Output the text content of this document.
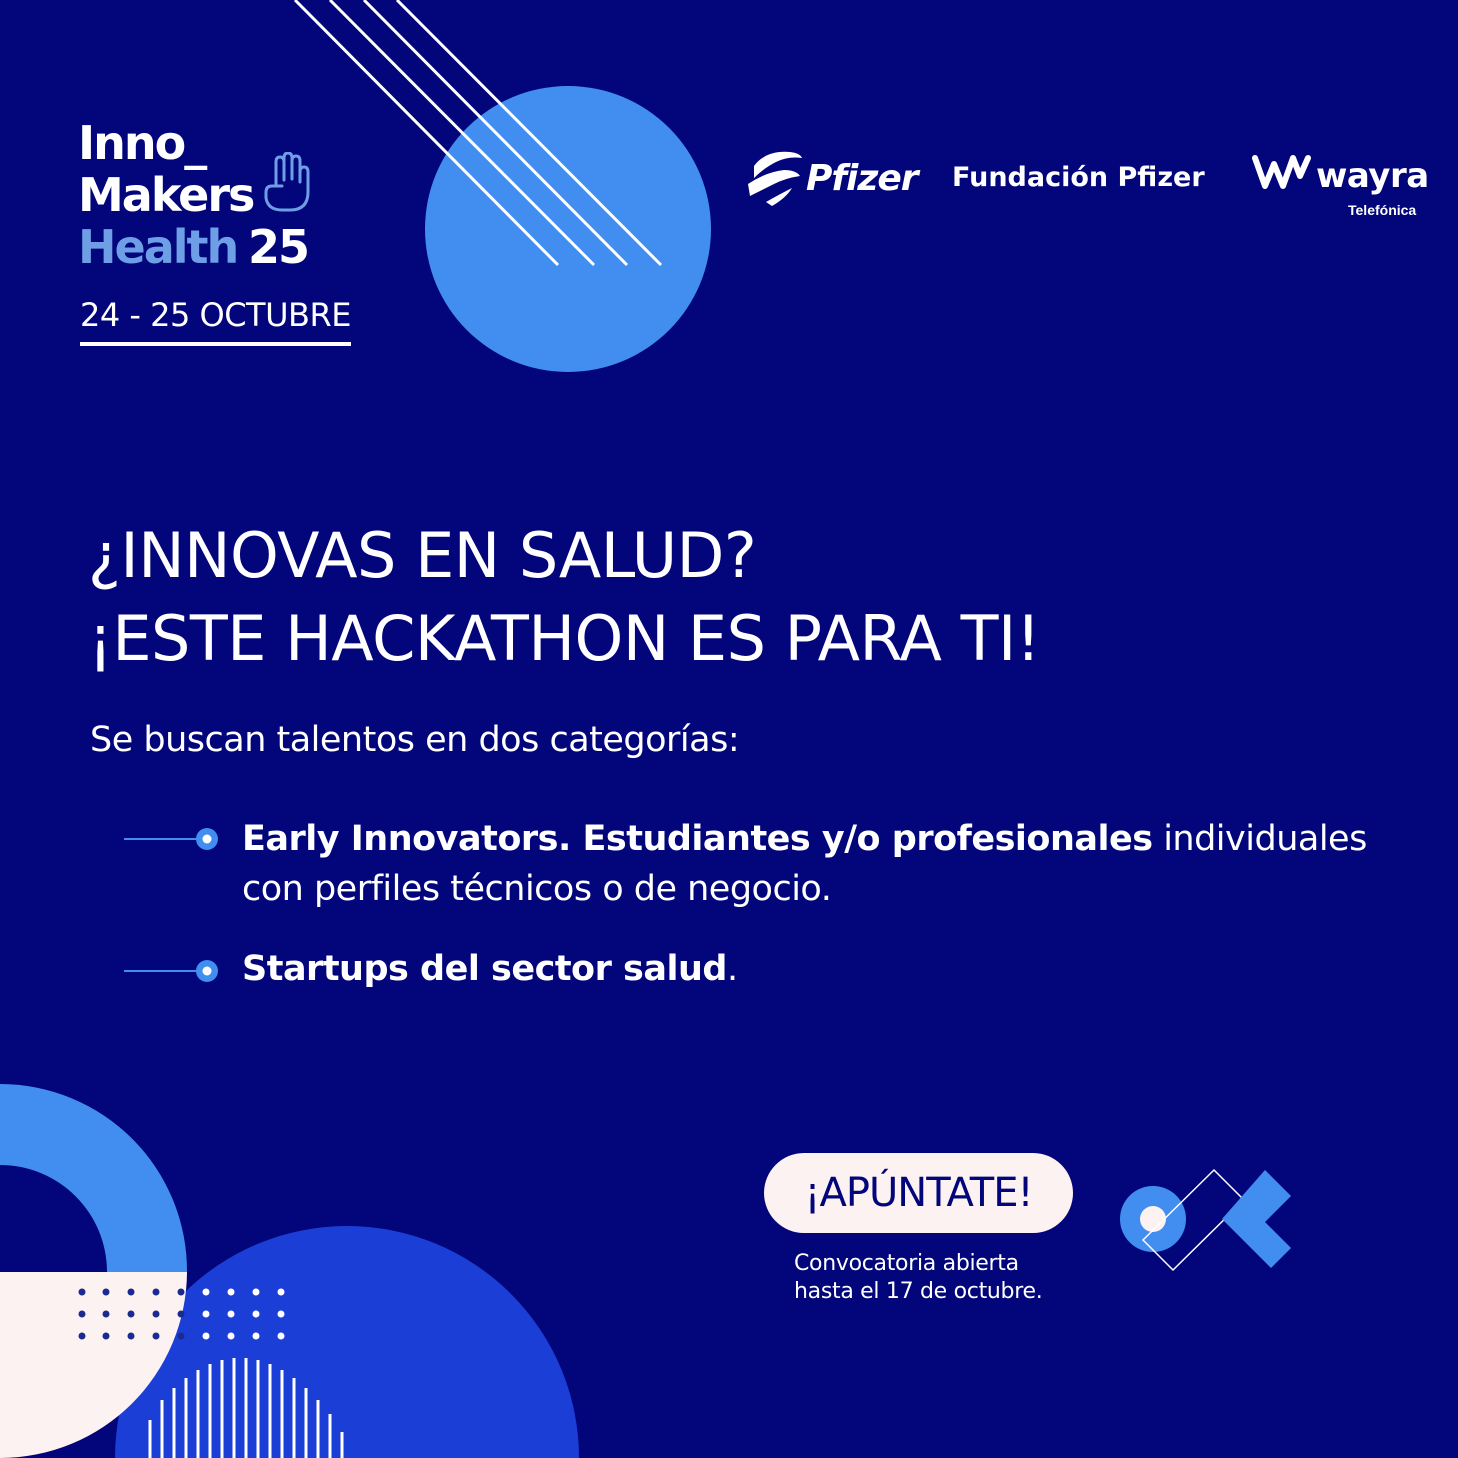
Inno_
Makers
Health 25
24 - 25 OCTUBRE
Pfizer Fundación Pfizer	wayra
Telefónica
¿INNOVAS EN SALUD?
¡ESTE HACKATHON ES PARA TI!
Se buscan talentos en dos categorías:
Early Innovators. Estudiantes y/o profesionales individuales
con perfiles técnicos o de negocio.
Startups del sector salud.
¡APÚNTATE!
Convocatoria abierta
hasta el 17 de octubre.
